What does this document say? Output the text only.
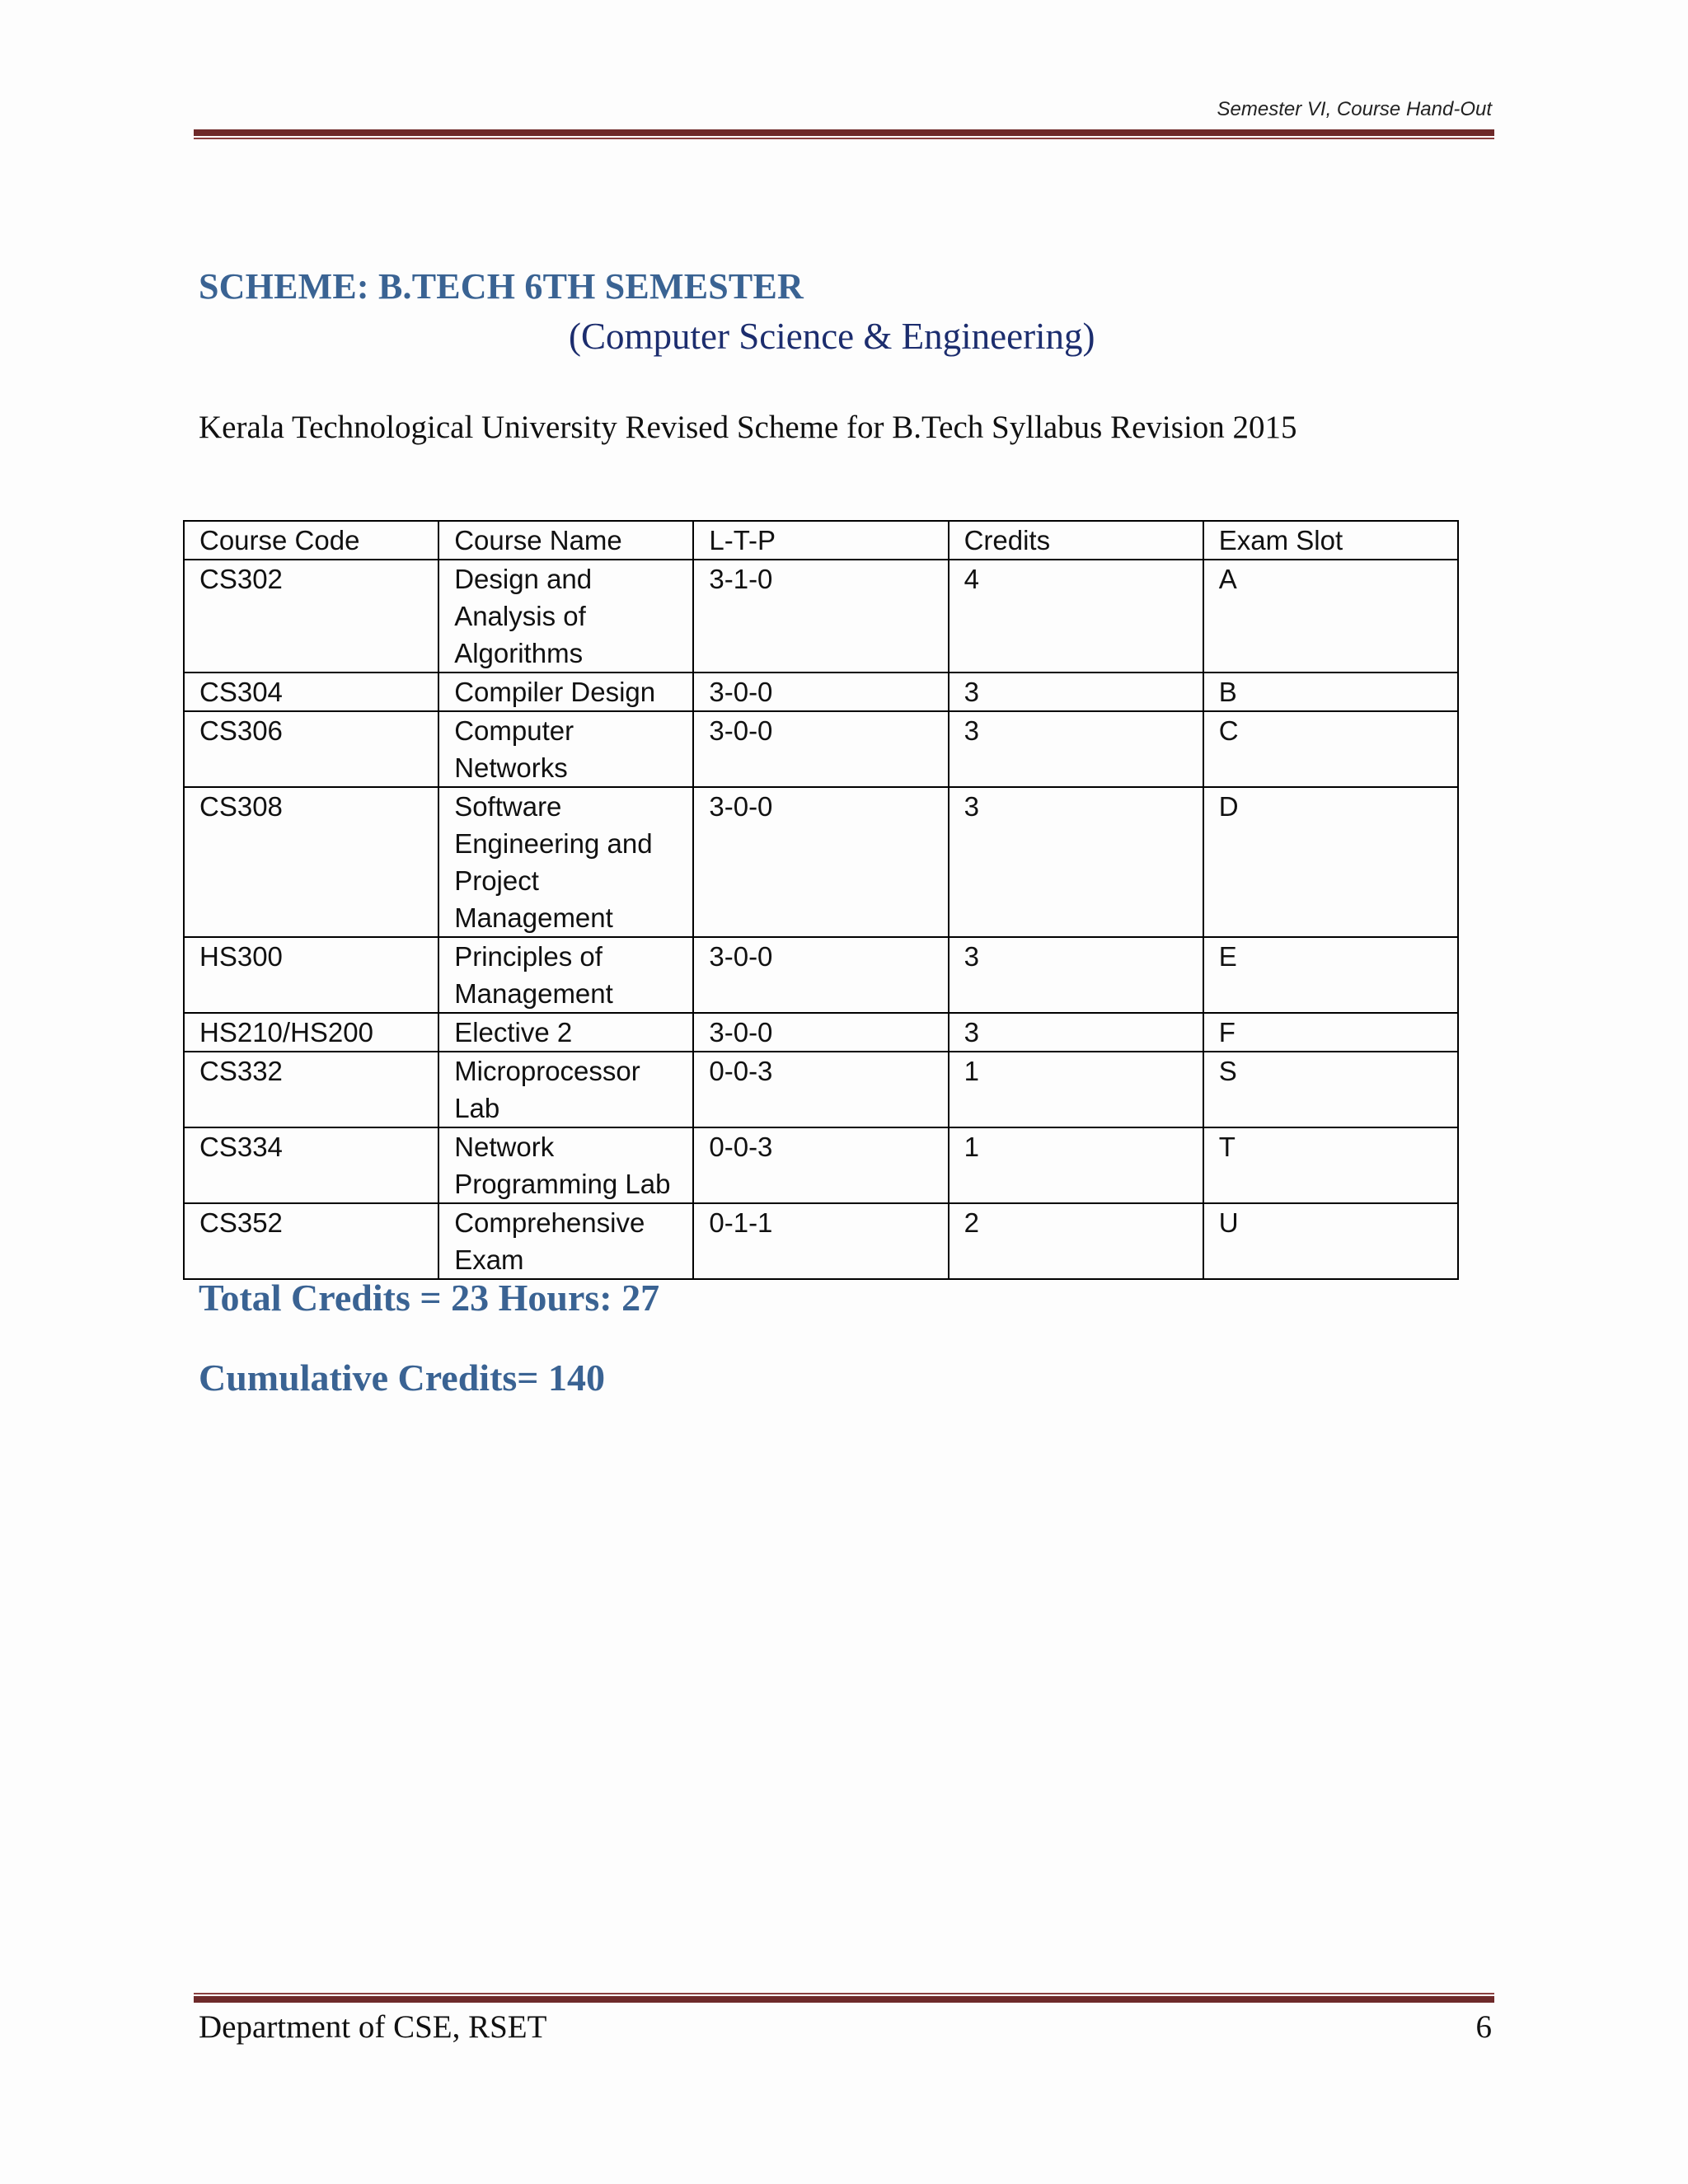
Semester VI, Course Hand-Out
SCHEME: B.TECH 6TH SEMESTER
(Computer Science & Engineering)
Kerala Technological University Revised Scheme for B.Tech Syllabus Revision 2015
Course Code	Course Name	L-T-P	Credits	Exam Slot
CS302	Design and Analysis of Algorithms	3-1-0	4	A
CS304	Compiler Design	3-0-0	3	B
CS306	Computer Networks	3-0-0	3	C
CS308	Software Engineering and Project Management	3-0-0	3	D
HS300	Principles of Management	3-0-0	3	E
HS210/HS200	Elective 2	3-0-0	3	F
CS332	Microprocessor Lab	0-0-3	1	S
CS334	Network Programming Lab	0-0-3	1	T
CS352	Comprehensive Exam	0-1-1	2	U
Total Credits = 23 Hours: 27
Cumulative Credits= 140
Department of CSE, RSET	6
